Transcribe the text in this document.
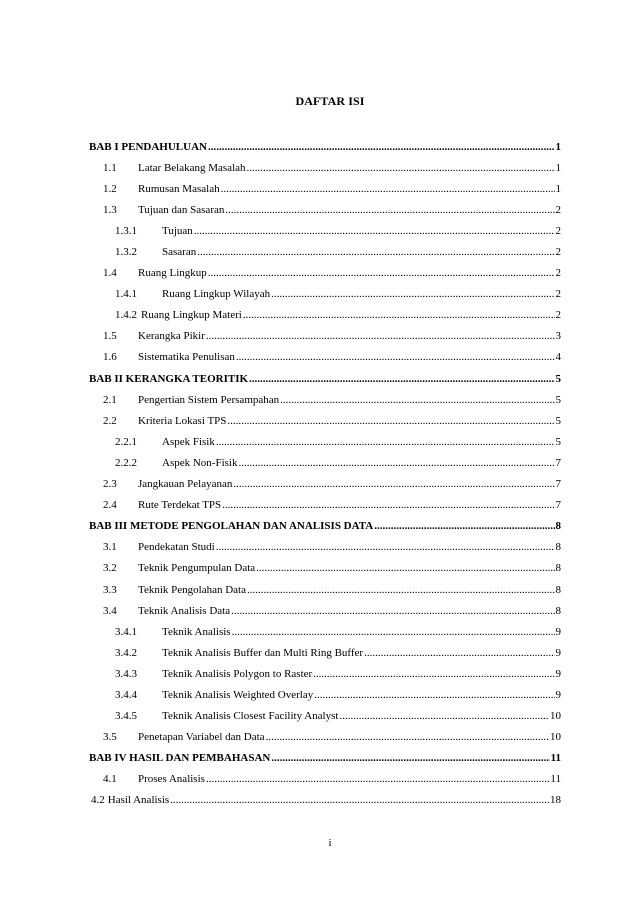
DAFTAR ISI
BAB I PENDAHULUAN .....	1
1.1	Latar Belakang Masalah .....	1
1.2	Rumusan Masalah .....	1
1.3	Tujuan dan Sasaran .....	2
1.3.1	Tujuan .....	2
1.3.2	Sasaran .....	2
1.4	Ruang Lingkup .....	2
1.4.1	Ruang Lingkup Wilayah .....	2
1.4.2 Ruang Lingkup Materi .....	2
1.5	Kerangka Pikir .....	3
1.6	Sistematika Penulisan .....	4
BAB II KERANGKA TEORITIK .....	5
2.1	Pengertian Sistem Persampahan .....	5
2.2	Kriteria Lokasi TPS .....	5
2.2.1	Aspek Fisik .....	5
2.2.2	Aspek Non-Fisik .....	7
2.3	Jangkauan Pelayanan .....	7
2.4	Rute Terdekat TPS .....	7
BAB III METODE PENGOLAHAN DAN ANALISIS DATA .....	8
3.1	Pendekatan Studi .....	8
3.2	Teknik Pengumpulan Data .....	8
3.3	Teknik Pengolahan Data .....	8
3.4	Teknik Analisis Data .....	8
3.4.1	Teknik Analisis .....	9
3.4.2	Teknik Analisis Buffer dan Multi Ring Buffer .....	9
3.4.3	Teknik Analisis Polygon to Raster .....	9
3.4.4	Teknik Analisis Weighted Overlay .....	9
3.4.5	Teknik Analisis Closest Facility Analyst .....	10
3.5	Penetapan Variabel dan Data .....	10
BAB IV HASIL DAN PEMBAHASAN .....	11
4.1	Proses Analisis .....	11
4.2 Hasil Analisis .....	18
i
